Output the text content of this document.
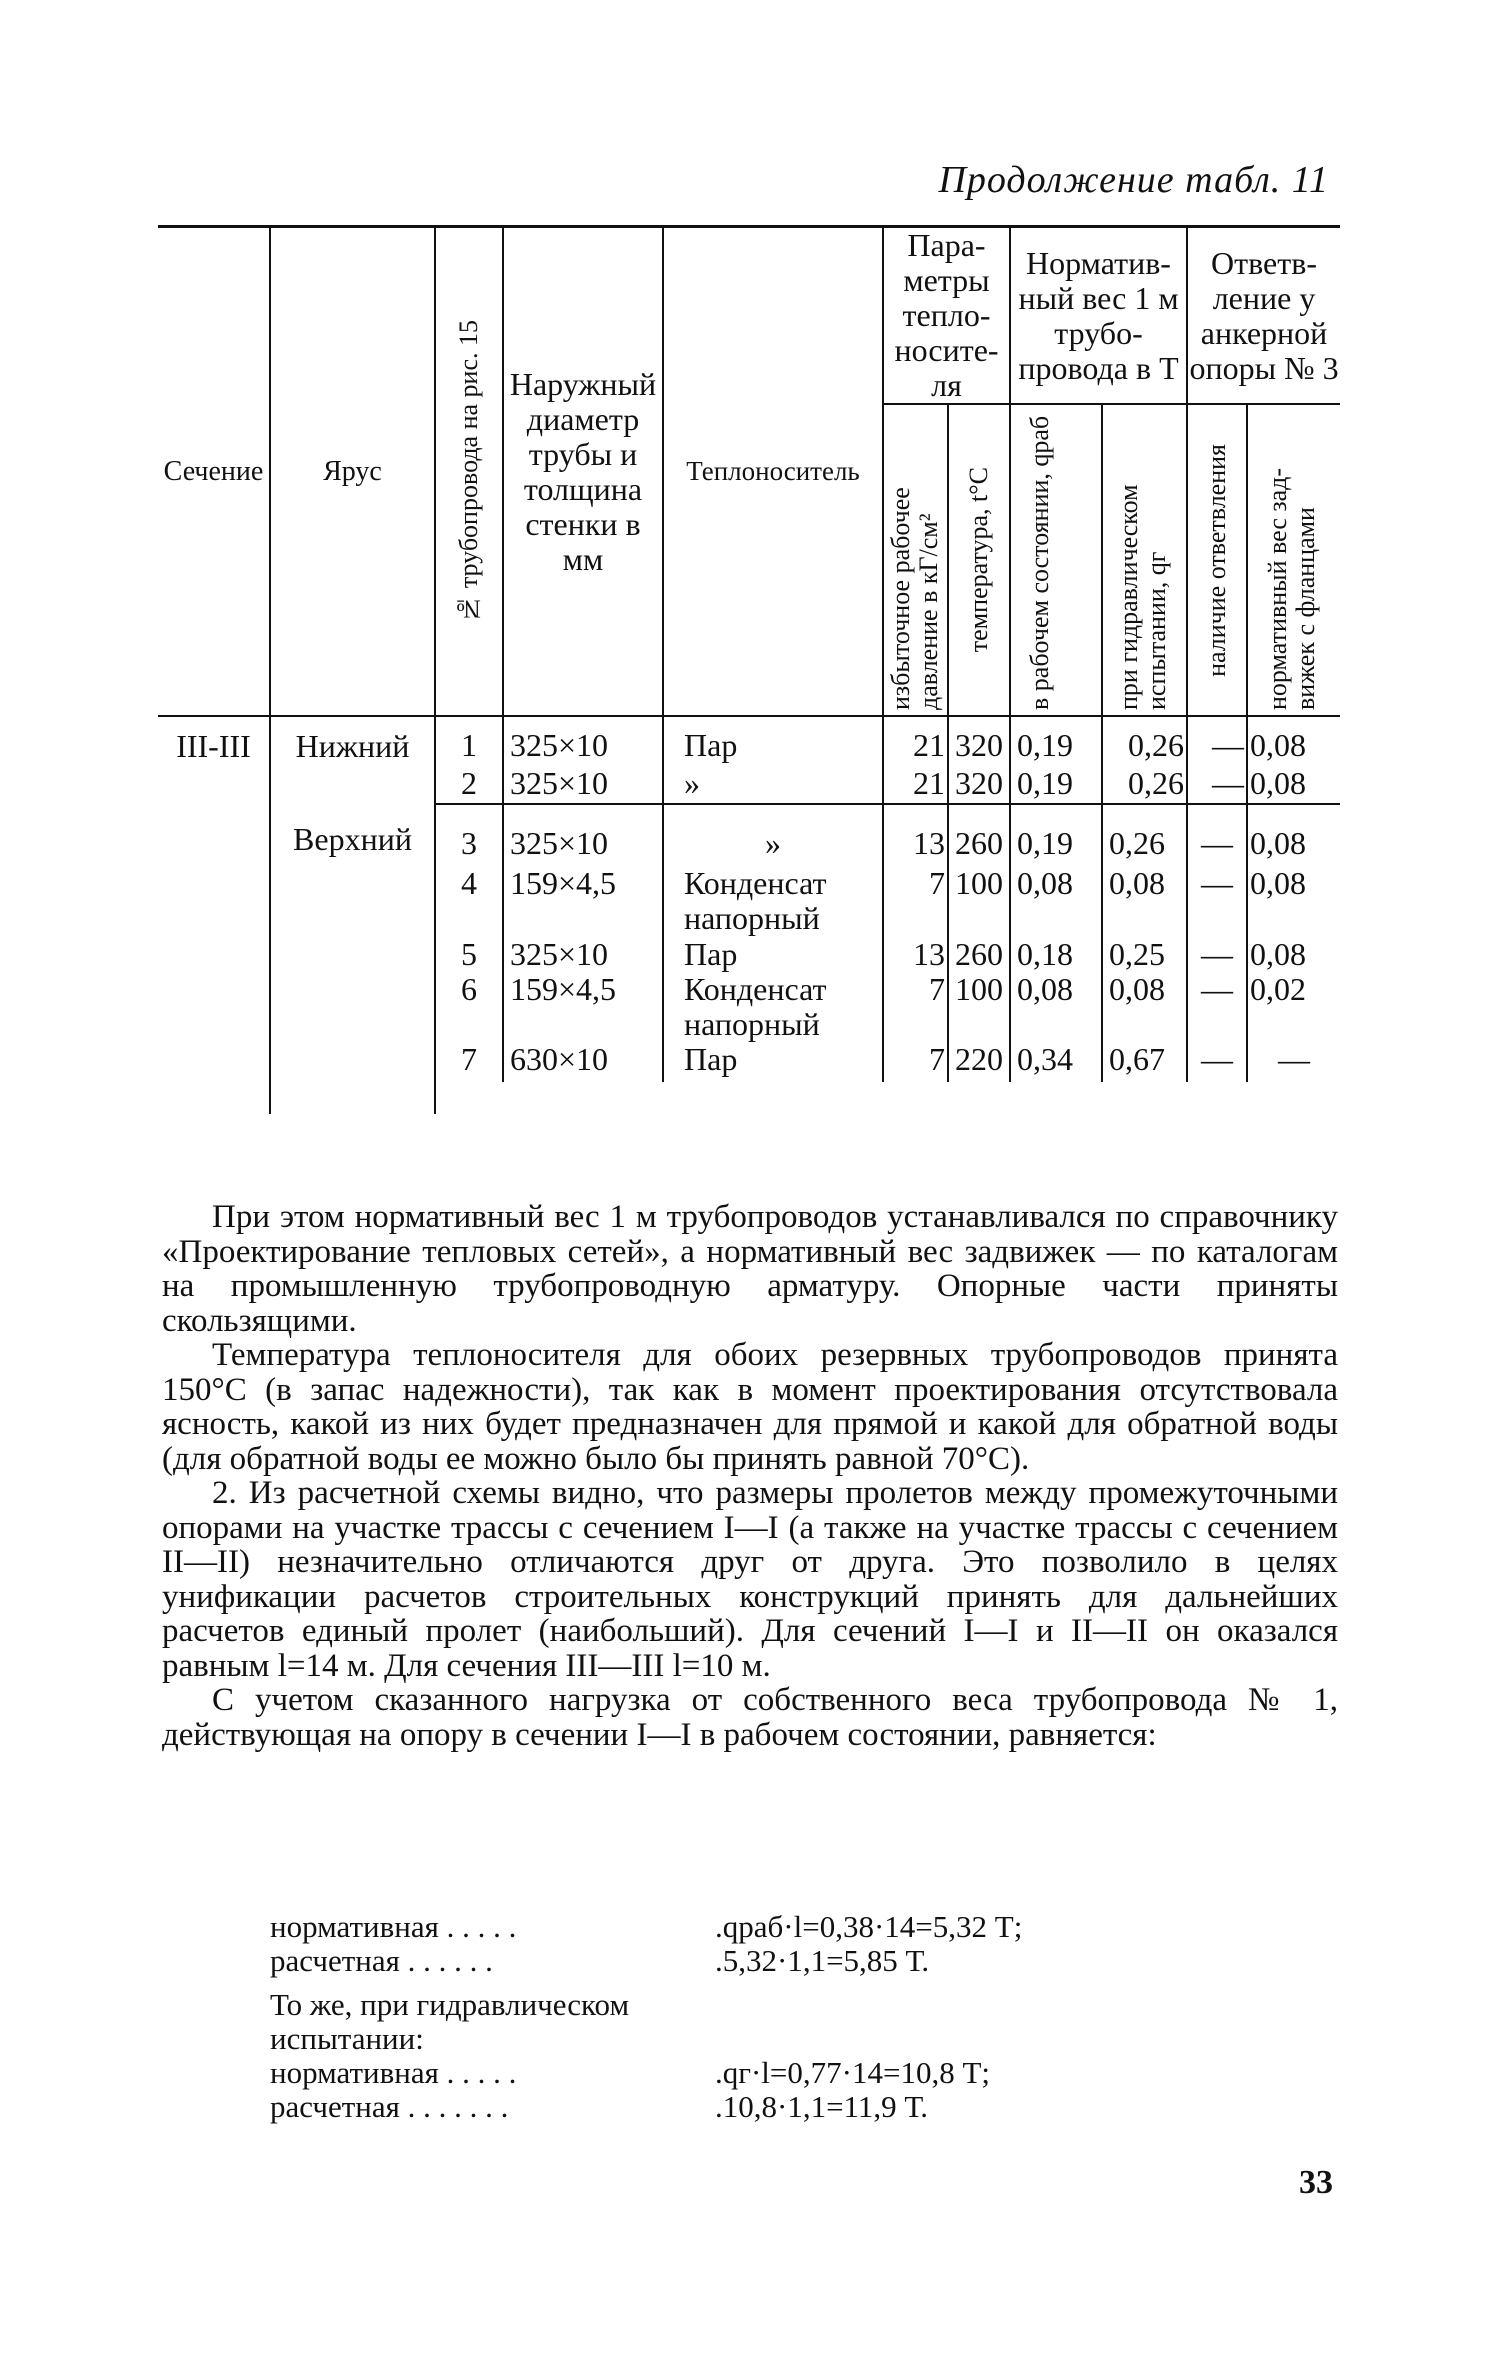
Продолжение табл. 11
Сечение	Ярус	№ трубопровода на рис. 15	Наружный диаметр трубы и толщина стенки в мм	Теплоноситель	Пара-метры тепло-носите-ля		Норматив-ный вес 1 м трубо-провода в Т		Ответв-ление у анкерной опоры № 3	

					избыточное рабочее давление в кГ/см²	температура, t°C	в рабочем состоянии, qраб	при гидравлическом испытании, qг	наличие ответвления	нормативный вес зад-вижек с фланцами

III-III	Нижний	1	325×10	Пар	21	320	0,19	0,26	—	0,08
		2	325×10	»	21	320	0,19	0,26	—	0,08
	Верхний	3	325×10	»	13	260	0,19	0,26	—	0,08
		4	159×4,5	Конденсат напорный	7	100	0,08	0,08	—	0,08
		5	325×10	Пар	13	260	0,18	0,25	—	0,08
		6	159×4,5	Конденсат напорный	7	100	0,08	0,08	—	0,02
		7	630×10	Пар	7	220	0,34	0,67	—	—

При этом нормативный вес 1 м трубопроводов устанавливался по справочнику «Проектирование тепловых сетей», а нормативный вес задвижек — по каталогам на промышленную трубопроводную арматуру. Опорные части приняты скользящими.

Температура теплоносителя для обоих резервных трубопроводов принята 150°C (в запас надежности), так как в момент проектирования отсутствовала ясность, какой из них будет предназначен для прямой и какой для обратной воды (для обратной воды ее можно было бы принять равной 70°C).

2. Из расчетной схемы видно, что размеры пролетов между промежуточными опорами на участке трассы с сечением I—I (а также на участке трассы с сечением II—II) незначительно отличаются друг от друга. Это позволило в целях унификации расчетов строительных конструкций принять для дальнейших расчетов единый пролет (наибольший). Для сечений I—I и II—II он оказался равным l=14 м. Для сечения III—III l=10 м.

С учетом сказанного нагрузка от собственного веса трубопровода № 1, действующая на опору в сечении I—I в рабочем состоянии, равняется:

нормативная . . . . .	.qраб·l=0,38·14=5,32 Т;
расчетная . . . . . .	.5,32·1,1=5,85 Т.
То же, при гидравлическом
испытании:
нормативная . . . . .	.qг·l=0,77·14=10,8 Т;
расчетная . . . . . . .	.10,8·1,1=11,9 Т.
33
